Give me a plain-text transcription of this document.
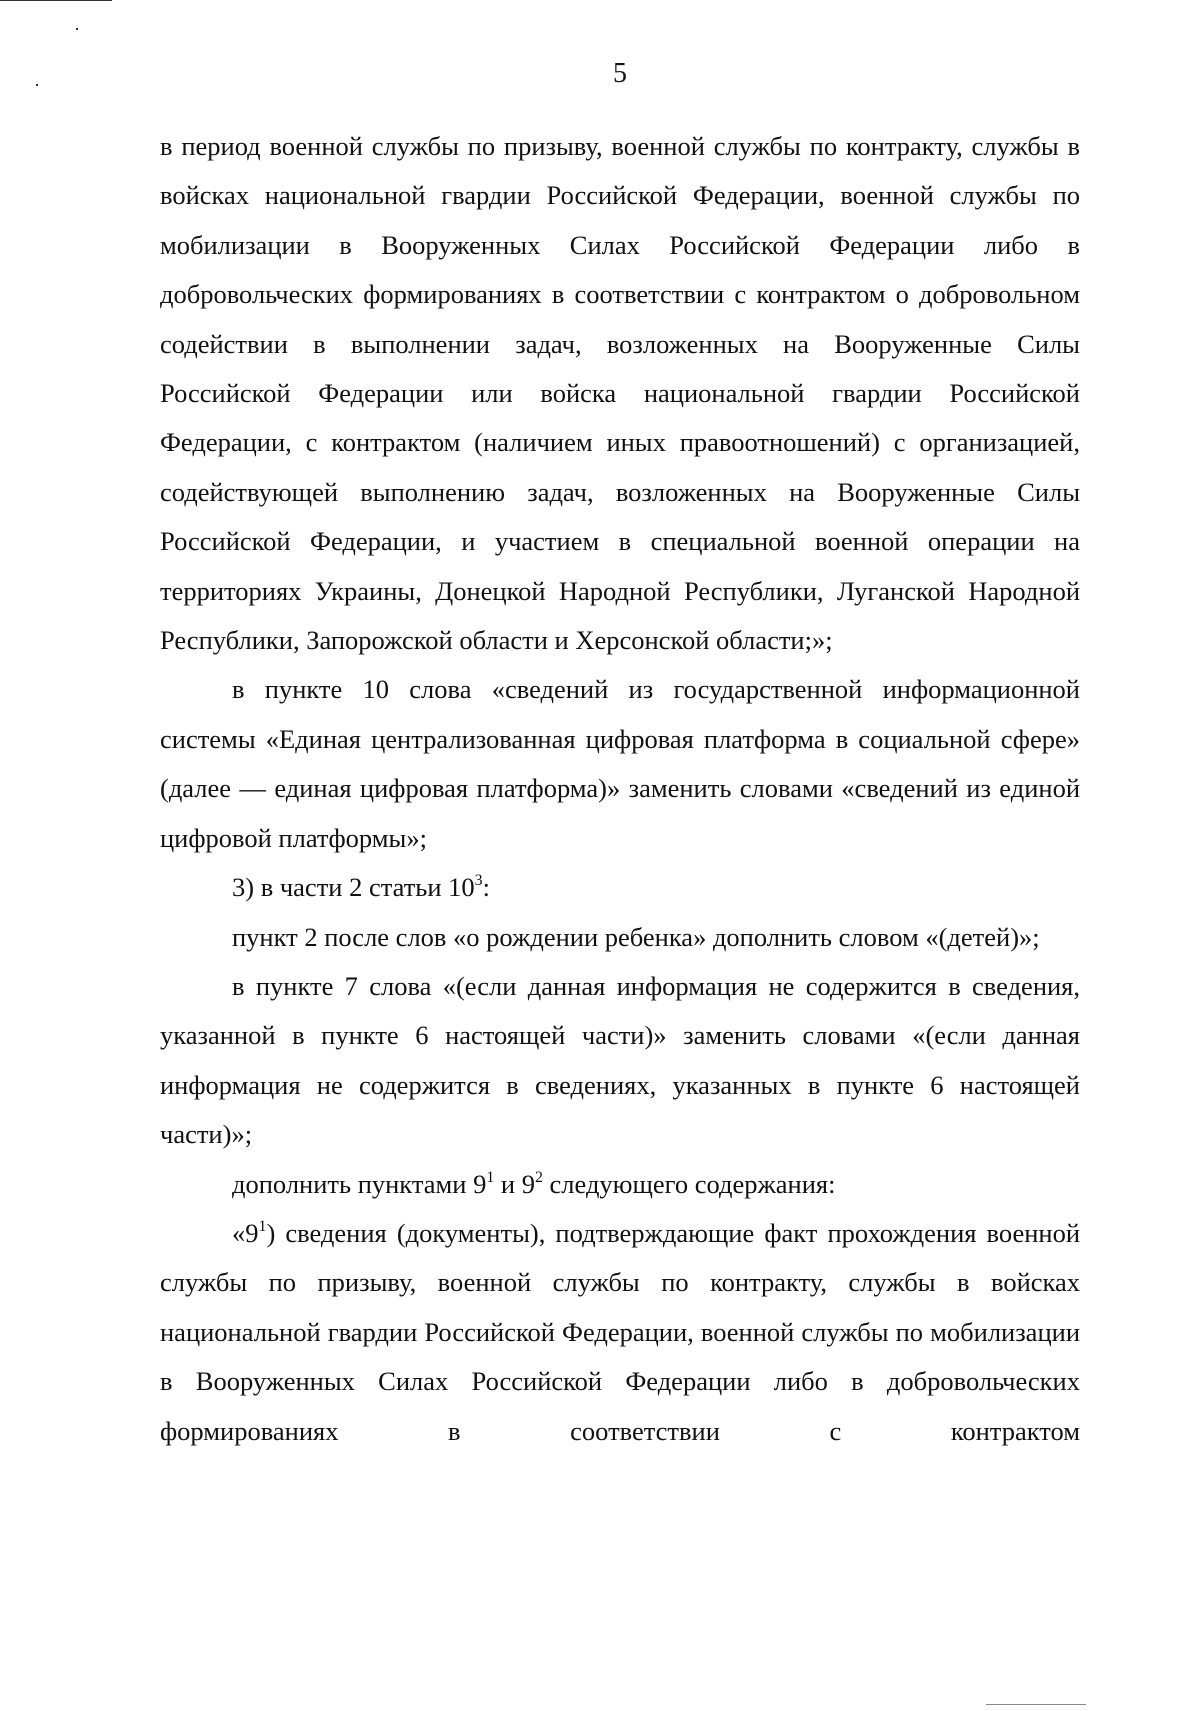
5

в период военной службы по призыву, военной службы по контракту, службы в войсках национальной гвардии Российской Федерации, военной службы по мобилизации в Вооруженных Силах Российской Федерации либо в добровольческих формированиях в соответствии с контрактом о добровольном содействии в выполнении задач, возложенных на Вооруженные Силы Российской Федерации или войска национальной гвардии Российской Федерации, с контрактом (наличием иных правоотношений) с организацией, содействующей выполнению задач, возложенных на Вооруженные Силы Российской Федерации, и участием в специальной военной операции на территориях Украины, Донецкой Народной Республики, Луганской Народной Республики, Запорожской области и Херсонской области;»;

в пункте 10 слова «сведений из государственной информационной системы «Единая централизованная цифровая платформа в социальной сфере» (далее — единая цифровая платформа)» заменить словами «сведений из единой цифровой платформы»;

3) в части 2 статьи $10^3$:

пункт 2 после слов «о рождении ребенка» дополнить словом «(детей)»;

в пункте 7 слова «(если данная информация не содержится в сведения, указанной в пункте 6 настоящей части)» заменить словами «(если данная информация не содержится в сведениях, указанных в пункте 6 настоящей части)»;

дополнить пунктами $9^1$ и $9^2$ следующего содержания:

«$9^1$) сведения (документы), подтверждающие факт прохождения военной службы по призыву, военной службы по контракту, службы в войсках национальной гвардии Российской Федерации, военной службы по мобилизации в Вооруженных Силах Российской Федерации либо в добровольческих формированиях в соответствии с контрактом
